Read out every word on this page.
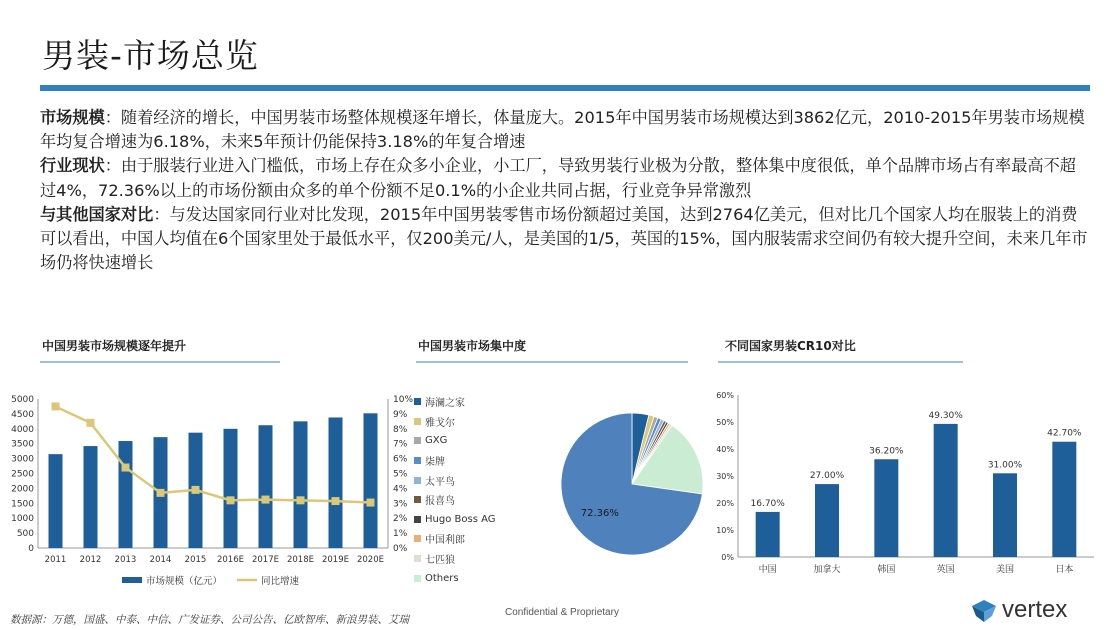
男装-市场总览

市场规模：随着经济的增长，中国男装市场整体规模逐年增长，体量庞大。2015年中国男装市场规模达到3862亿元，2010-2015年男装市场规模年均复合增速为6.18%，未来5年预计仍能保持3.18%的年复合增速

行业现状：由于服装行业进入门槛低，市场上存在众多小企业，小工厂，导致男装行业极为分散，整体集中度很低，单个品牌市场占有率最高不超过4%，72.36%以上的市场份额由众多的单个份额不足0.1%的小企业共同占据，行业竞争异常激烈

与其他国家对比：与发达国家同行业对比发现，2015年中国男装零售市场份额超过美国，达到2764亿美元，但对比几个国家人均在服装上的消费可以看出，中国人均值在6个国家里处于最低水平，仅200美元/人，是美国的1/5，英国的15%，国内服装需求空间仍有较大提升空间，未来几年市场仍将快速增长

中国男装市场规模逐年提升	中国男装市场集中度	不同国家男装CR10对比
0
500
1000
1500
2000
2500
3000
3500
4000
4500
5000
0%
1%
2%
3%
4%
5%
6%
7%
8%
9%
10%
2011 2012 2013 2014 2015 2016E 2017E 2018E 2019E 2020E
市场规模（亿元）	同比增速
72.36%
海澜之家
雅戈尔
GXG
柒牌
太平鸟
报喜鸟
Hugo Boss AG
中国利郎
七匹狼
Others
0%
10%
20%
30%
40%
50%
60%
16.70%
中国
27.00%
加拿大
36.20%
韩国
49.30%
英国
31.00%
美国
42.70%
日本
数据源：万德，国盛、中泰、中信、广发证券、公司公告、亿欧智库、新浪男装、艾瑞
Confidential & Proprietary	vertex
